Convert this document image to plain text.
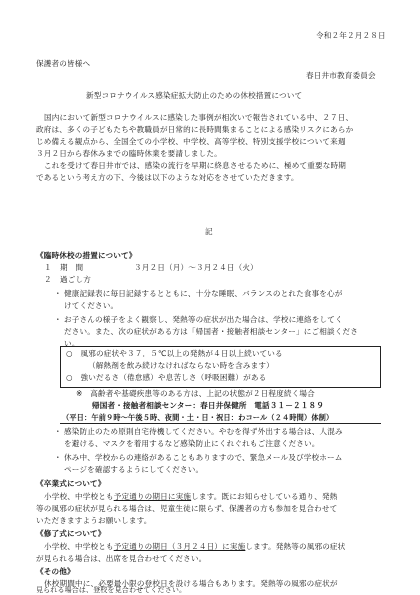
令和２年２月２８日
保護者の皆様へ
春日井市教育委員会
新型コロナウイルス感染症拡大防止のための休校措置について
国内において新型コロナウイルスに感染した事例が相次いで報告されている中、２７日、
政府は、多くの子どもたちや教職員が日常的に長時間集まることによる感染リスクにあらか
じめ備える観点から、全国全ての小学校、中学校、高等学校、特別支援学校について来週
３月２日から春休みまでの臨時休業を要請しました。
これを受けて春日井市では、感染の流行を早期に終息させるために、極めて重要な時期
であるという考え方の下、今後は以下のような対応をさせていただきます。
記
《臨時休校の措置について》
１ 期　間	３月２日（月）～３月２４日（火）
２ 過ごし方
・ 健康記録表に毎日記録するとともに、十分な睡眠、バランスのとれた食事を心が
けてください。
・ お子さんの様子をよく観察し、発熱等の症状が出た場合は、学校に連絡をしてく
ださい。また、次の症状がある方は「帰国者・接触者相談センター」にご相談くださ
い。
○　風邪の症状や３７．５℃以上の発熱が４日以上続いている
（解熱剤を飲み続けなければならない時を含みます）
○　強いだるさ（倦怠感）や息苦しさ（呼吸困難）がある
※　高齢者や基礎疾患等のある方は、上記の状態が２日程度続く場合
帰国者・接触者相談センター：春日井保健所　電話３１－２１８９
（平日：午前９時～午後５時、夜間・土・日・祝日：わコール（２４時間）体制）
・ 感染防止のため原則自宅待機してください。やむを得ず外出する場合は、人混み
を避ける、マスクを着用するなど感染防止にくれぐれもご注意ください。
・ 休み中、学校からの連絡があることもありますので、緊急メール及び学校ホーム
ページを確認するようにしてください。
《卒業式について》
小学校、中学校とも予定通りの期日に実施します。既にお知らせしている通り、発熱
等の風邪の症状が見られる場合は、児童生徒に限らず、保護者の方も参加を見合わせて
いただきますようお願いします。
《修了式について》
小学校、中学校とも予定通りの期日（３月２４日）に実施します。発熱等の風邪の症状
が見られる場合は、出席を見合わせてください。
《その他》
休校期間中に、必要最小限の登校日を設ける場合もあります。発熱等の風邪の症状が
見られる場合は、登校を見合わせてください。
